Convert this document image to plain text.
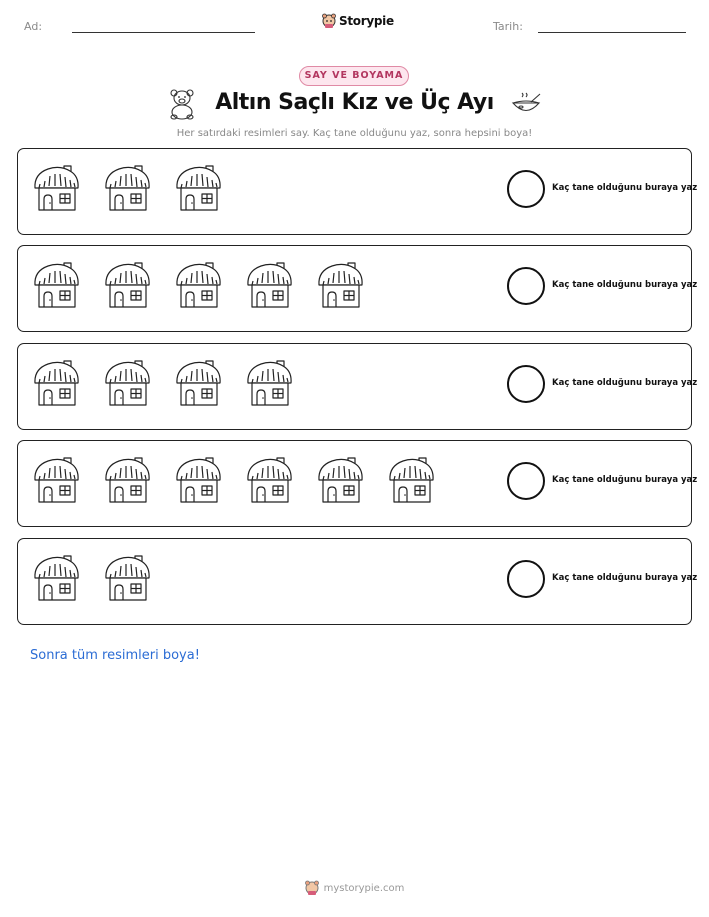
Ad:	Storypie	Tarih:
SAY VE BOYAMA
Altın Saçlı Kız ve Üç Ayı
Her satırdaki resimleri say. Kaç tane olduğunu yaz, sonra hepsini boya!
Kaç tane olduğunu buraya yaz
Kaç tane olduğunu buraya yaz
Kaç tane olduğunu buraya yaz
Kaç tane olduğunu buraya yaz
Kaç tane olduğunu buraya yaz
Sonra tüm resimleri boya!
mystorypie.com
